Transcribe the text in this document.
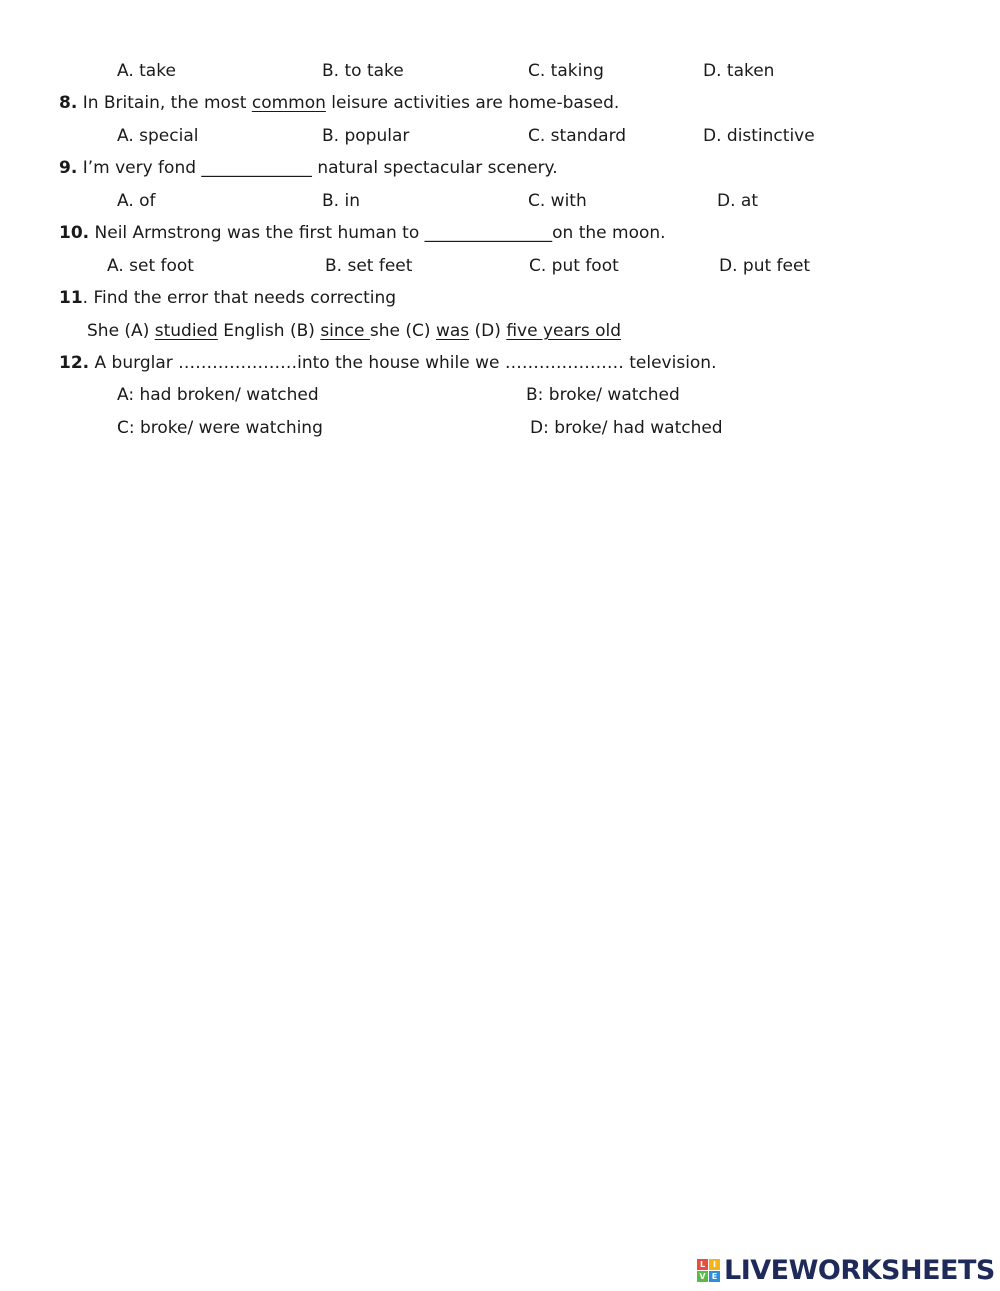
A. take	B. to take	C. taking	D. taken
8. In Britain, the most common leisure activities are home-based.
A. special	B. popular	C. standard	D. distinctive
9. I’m very fond _____________ natural spectacular scenery.
A. of	B. in	C. with	D. at
10. Neil Armstrong was the first human to _______________on the moon.
A. set foot	B. set feet	C. put foot	D. put feet
11. Find the error that needs correcting
She (A) studied English (B) since she (C) was (D) five years old
12. A burglar …………………into the house while we ………………… television.
A: had broken/ watched	B: broke/ watched
C: broke/ were watching	D: broke/ had watched
L I
V E LIVEWORKSHEETS
